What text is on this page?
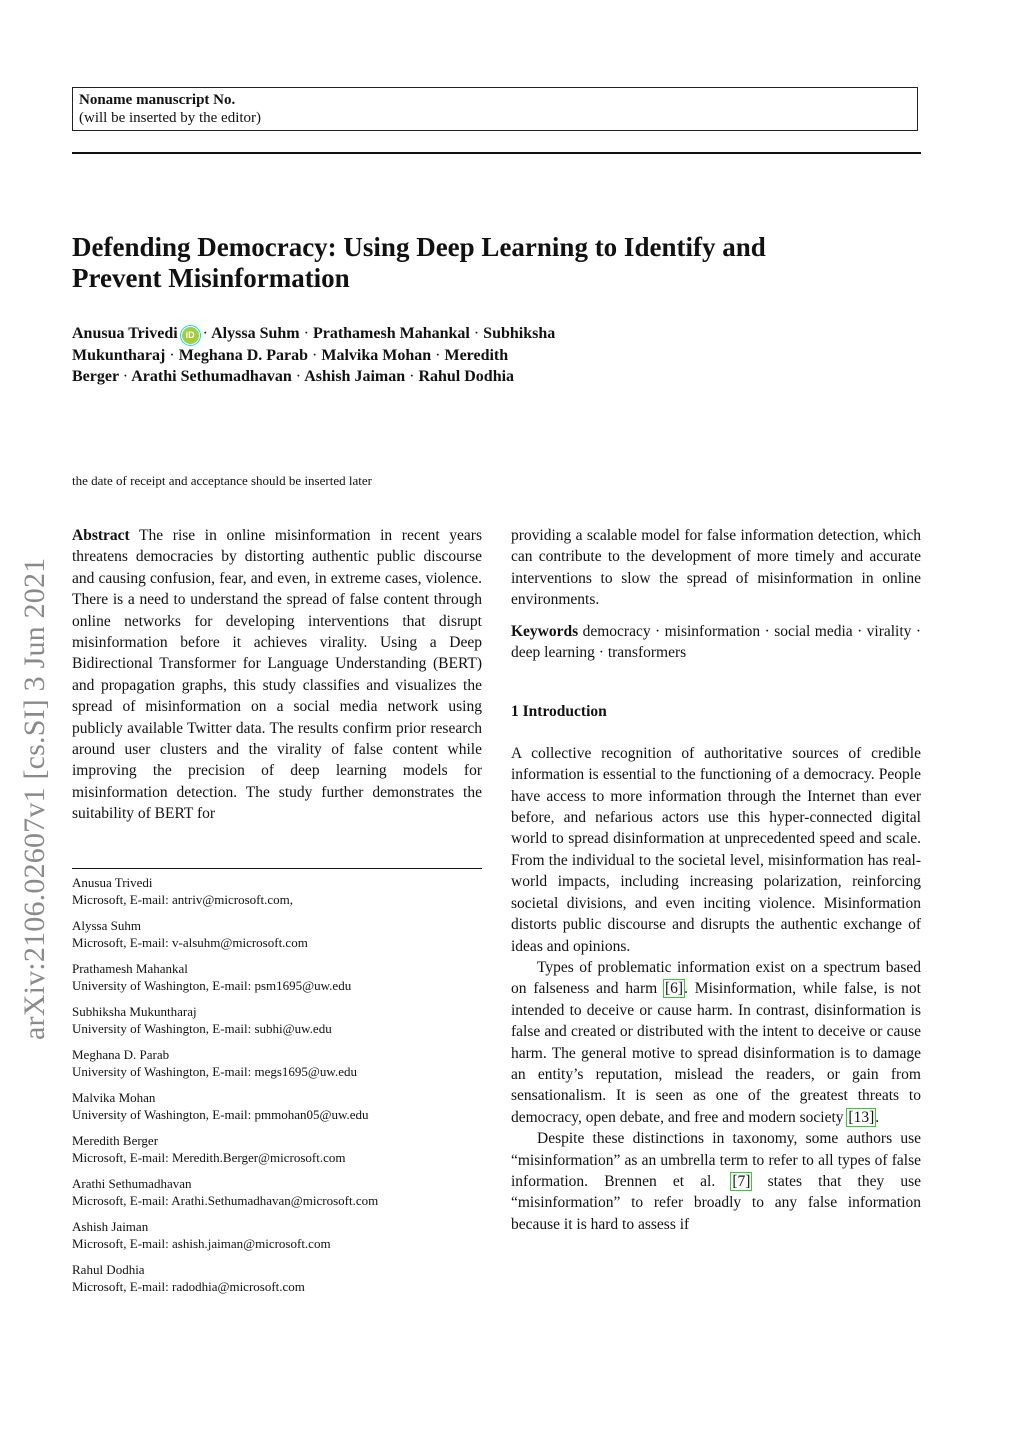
Noname manuscript No.
(will be inserted by the editor)
Defending Democracy: Using Deep Learning to Identify and
Prevent Misinformation
Anusua Trivedi iD · Alyssa Suhm · Prathamesh Mahankal · Subhiksha
Mukuntharaj · Meghana D. Parab · Malvika Mohan · Meredith
Berger · Arathi Sethumadhavan · Ashish Jaiman · Rahul Dodhia
the date of receipt and acceptance should be inserted later
arXiv:2106.02607v1 [cs.SI] 3 Jun 2021

Abstract The rise in online misinformation in recent years threatens democracies by distorting authentic public discourse and causing confusion, fear, and even, in extreme cases, violence. There is a need to understand the spread of false content through online networks for developing interventions that disrupt misinformation before it achieves virality. Using a Deep Bidirectional Transformer for Language Understanding (BERT) and propagation graphs, this study classifies and visualizes the spread of misinformation on a social media network using publicly available Twitter data. The results confirm prior research around user clusters and the virality of false content while improving the precision of deep learning models for misinformation detection. The study further demonstrates the suitability of BERT for

Anusua Trivedi
Microsoft, E-mail: antriv@microsoft.com,
Alyssa Suhm
Microsoft, E-mail: v-alsuhm@microsoft.com
Prathamesh Mahankal
University of Washington, E-mail: psm1695@uw.edu
Subhiksha Mukuntharaj
University of Washington, E-mail: subhi@uw.edu
Meghana D. Parab
University of Washington, E-mail: megs1695@uw.edu
Malvika Mohan
University of Washington, E-mail: pmmohan05@uw.edu
Meredith Berger
Microsoft, E-mail: Meredith.Berger@microsoft.com
Arathi Sethumadhavan
Microsoft, E-mail: Arathi.Sethumadhavan@microsoft.com
Ashish Jaiman
Microsoft, E-mail: ashish.jaiman@microsoft.com
Rahul Dodhia
Microsoft, E-mail: radodhia@microsoft.com

providing a scalable model for false information detection, which can contribute to the development of more timely and accurate interventions to slow the spread of misinformation in online environments.

Keywords democracy · misinformation · social media · virality · deep learning · transformers

1 Introduction

A collective recognition of authoritative sources of credible information is essential to the functioning of a democracy. People have access to more information through the Internet than ever before, and nefarious actors use this hyper-connected digital world to spread disinformation at unprecedented speed and scale. From the individual to the societal level, misinformation has real-world impacts, including increasing polarization, reinforcing societal divisions, and even inciting violence. Misinformation distorts public discourse and disrupts the authentic exchange of ideas and opinions.

Types of problematic information exist on a spectrum based on falseness and harm [6]. Misinformation, while false, is not intended to deceive or cause harm. In contrast, disinformation is false and created or distributed with the intent to deceive or cause harm. The general motive to spread disinformation is to damage an entity’s reputation, mislead the readers, or gain from sensationalism. It is seen as one of the greatest threats to democracy, open debate, and free and modern society [13].

Despite these distinctions in taxonomy, some authors use “misinformation” as an umbrella term to refer to all types of false information. Brennen et al. [7] states that they use “misinformation” to refer broadly to any false information because it is hard to assess if
